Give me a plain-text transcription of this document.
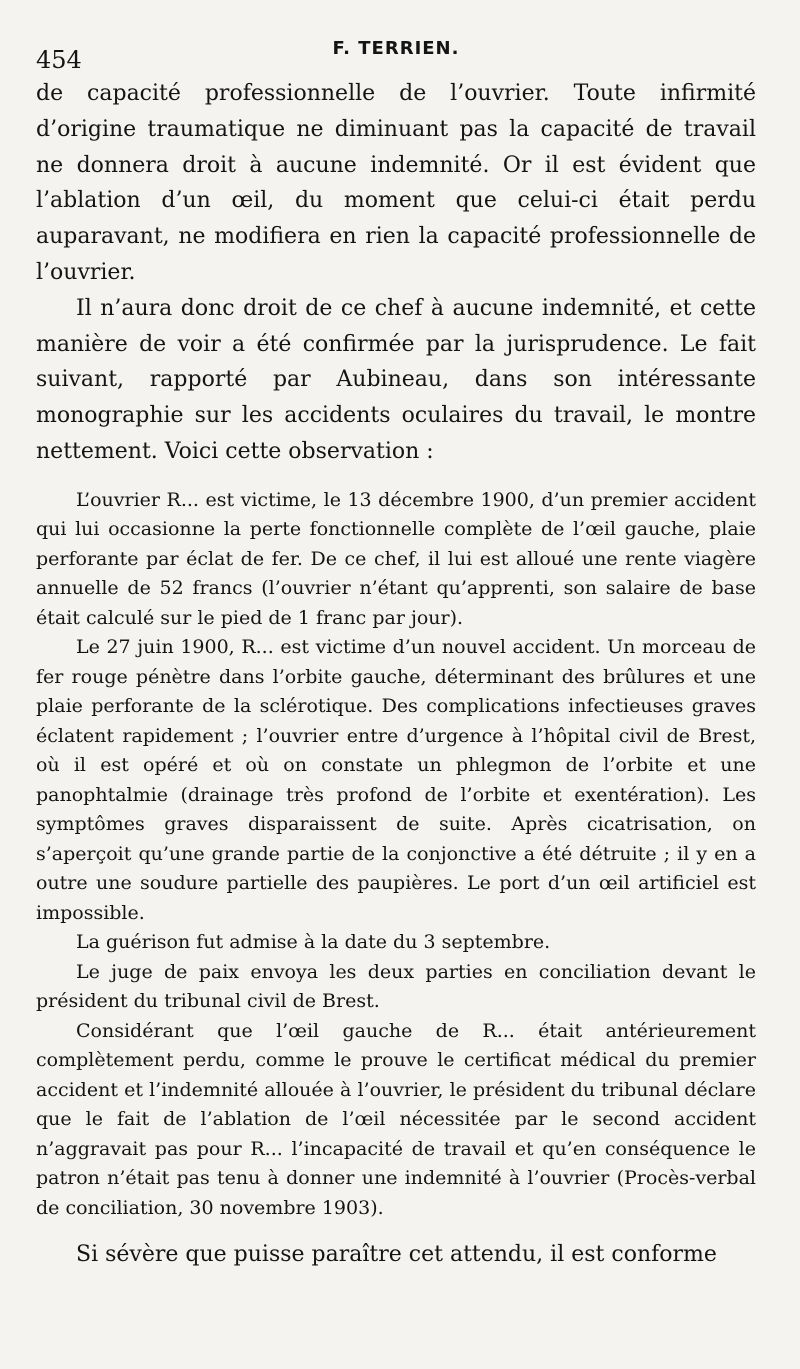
454	F. TERRIEN.

de capacité professionnelle de l’ouvrier. Toute infirmité d’origine traumatique ne diminuant pas la capacité de travail ne donnera droit à aucune indemnité. Or il est évident que l’ablation d’un œil, du moment que celui-ci était perdu auparavant, ne modifiera en rien la capacité professionnelle de l’ouvrier.

Il n’aura donc droit de ce chef à aucune indemnité, et cette manière de voir a été confirmée par la jurisprudence. Le fait suivant, rapporté par Aubineau, dans son intéressante monographie sur les accidents oculaires du travail, le montre nettement. Voici cette observation :

L’ouvrier R... est victime, le 13 décembre 1900, d’un premier accident qui lui occasionne la perte fonctionnelle complète de l’œil gauche, plaie perforante par éclat de fer. De ce chef, il lui est alloué une rente viagère annuelle de 52 francs (l’ouvrier n’étant qu’apprenti, son salaire de base était calculé sur le pied de 1 franc par jour).

Le 27 juin 1900, R... est victime d’un nouvel accident. Un morceau de fer rouge pénètre dans l’orbite gauche, déterminant des brûlures et une plaie perforante de la sclérotique. Des complications infectieuses graves éclatent rapidement ; l’ouvrier entre d’urgence à l’hôpital civil de Brest, où il est opéré et où on constate un phlegmon de l’orbite et une panophtalmie (drainage très profond de l’orbite et exentération). Les symptômes graves disparaissent de suite. Après cicatrisation, on s’aperçoit qu’une grande partie de la conjonctive a été détruite ; il y en a outre une soudure partielle des paupières. Le port d’un œil artificiel est impossible.

La guérison fut admise à la date du 3 septembre.

Le juge de paix envoya les deux parties en conciliation devant le président du tribunal civil de Brest.

Considérant que l’œil gauche de R... était antérieurement complètement perdu, comme le prouve le certificat médical du premier accident et l’indemnité allouée à l’ouvrier, le président du tribunal déclare que le fait de l’ablation de l’œil nécessitée par le second accident n’aggravait pas pour R... l’incapacité de travail et qu’en conséquence le patron n’était pas tenu à donner une indemnité à l’ouvrier (Procès-verbal de conciliation, 30 novembre 1903).

Si sévère que puisse paraître cet attendu, il est conforme
